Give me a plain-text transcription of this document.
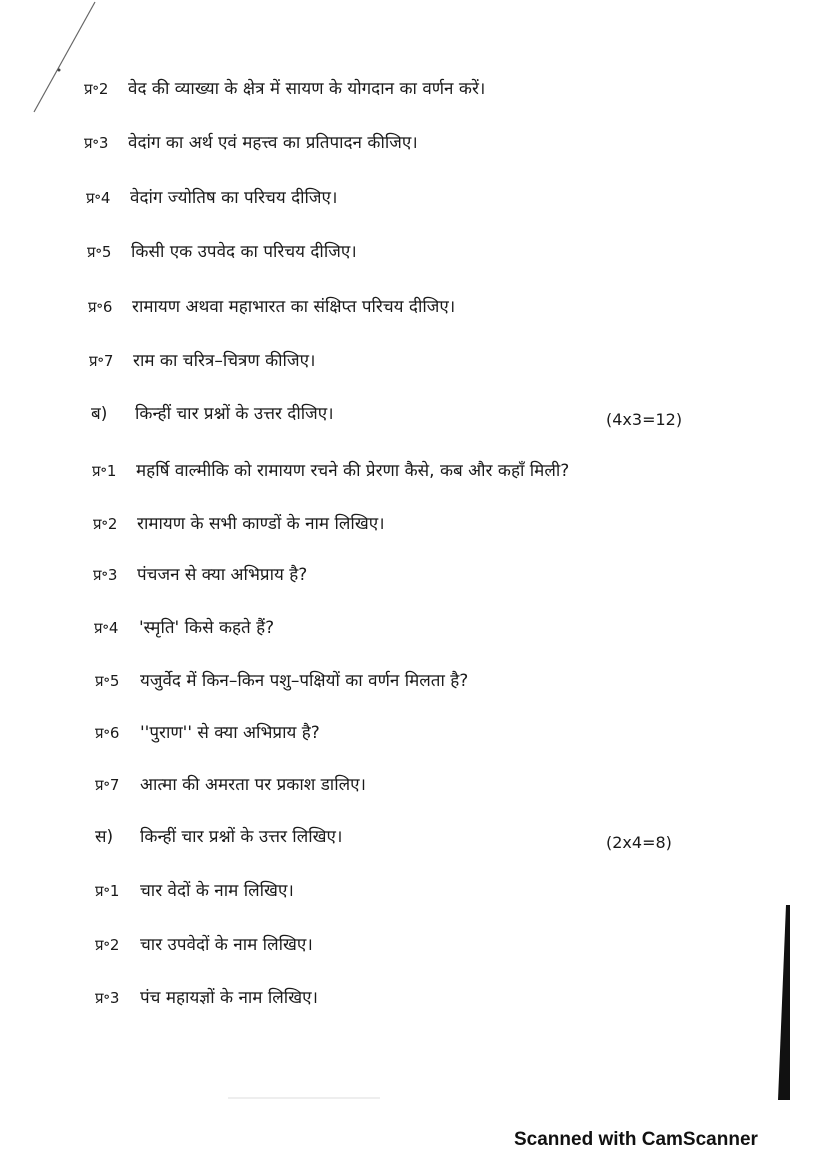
प्र॰2 वेद की व्याख्या के क्षेत्र में सायण के योगदान का वर्णन करें।
प्र॰3 वेदांग का अर्थ एवं महत्त्व का प्रतिपादन कीजिए।
प्र॰4 वेदांग ज्योतिष का परिचय दीजिए।
प्र॰5 किसी एक उपवेद का परिचय दीजिए।
प्र॰6 रामायण अथवा महाभारत का संक्षिप्त परिचय दीजिए।
प्र॰7 राम का चरित्र–चित्रण कीजिए।
ब) किन्हीं चार प्रश्नों के उत्तर दीजिए।	(4x3=12)
प्र॰1 महर्षि वाल्मीकि को रामायण रचने की प्रेरणा कैसे, कब और कहाँ मिली?
प्र॰2 रामायण के सभी काण्डों के नाम लिखिए।
प्र॰3 पंचजन से क्या अभिप्राय है?
प्र॰4 'स्मृति' किसे कहते हैं?
प्र॰5 यजुर्वेद में किन–किन पशु–पक्षियों का वर्णन मिलता है?
प्र॰6 ''पुराण'' से क्या अभिप्राय है?
प्र॰7 आत्मा की अमरता पर प्रकाश डालिए।
स) किन्हीं चार प्रश्नों के उत्तर लिखिए।	(2x4=8)
प्र॰1 चार वेदों के नाम लिखिए।
प्र॰2 चार उपवेदों के नाम लिखिए।
प्र॰3 पंच महायज्ञों के नाम लिखिए।
Scanned with CamScanner
